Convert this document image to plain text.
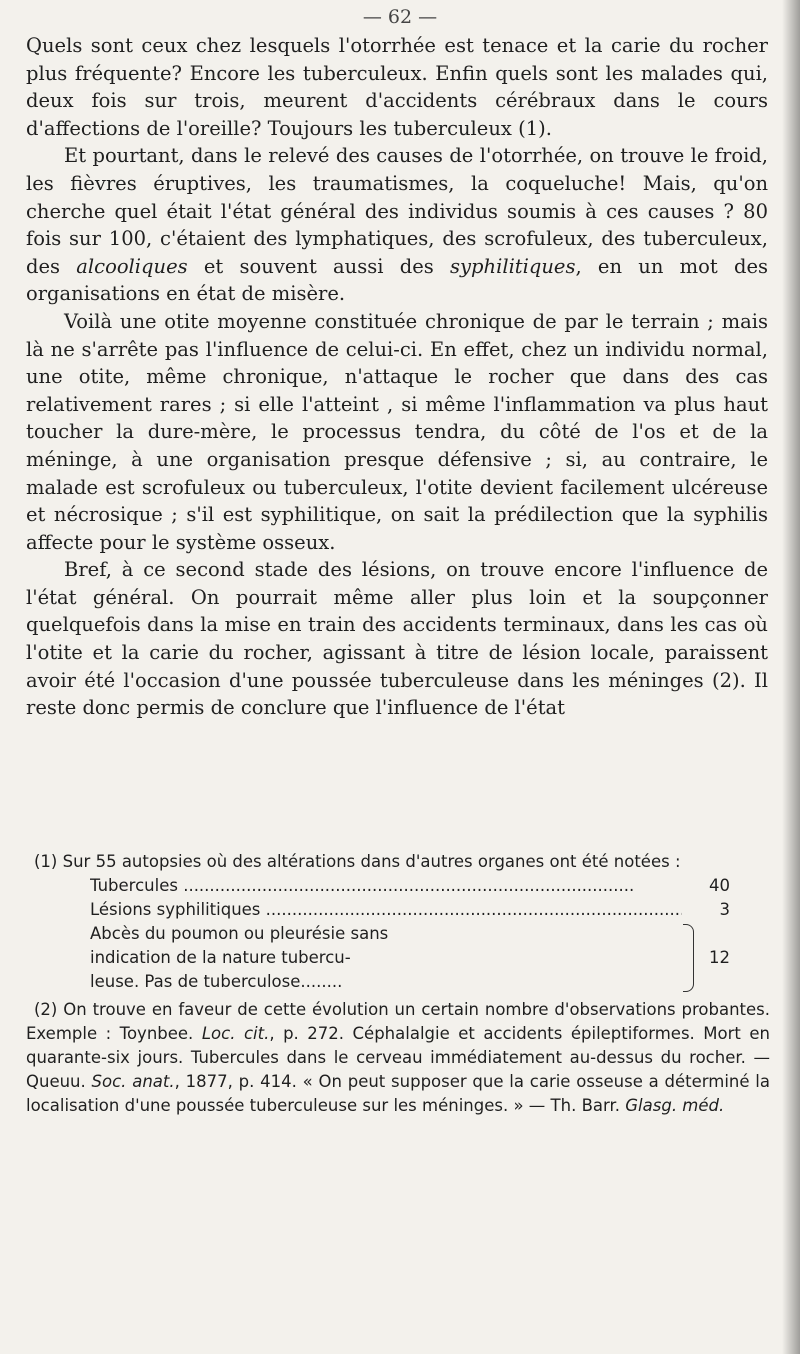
— 62 —

Quels sont ceux chez lesquels l'otorrhée est tenace et la carie du rocher plus fréquente? Encore les tuberculeux. Enfin quels sont les malades qui, deux fois sur trois, meurent d'accidents cérébraux dans le cours d'affections de l'oreille? Toujours les tuberculeux (1).

Et pourtant, dans le relevé des causes de l'otorrhée, on trouve le froid, les fièvres éruptives, les traumatismes, la coqueluche! Mais, qu'on cherche quel était l'état général des individus soumis à ces causes ? 80 fois sur 100, c'étaient des lymphatiques, des scrofuleux, des tuberculeux, des alcooliques et souvent aussi des syphilitiques, en un mot des organisations en état de misère.

Voilà une otite moyenne constituée chronique de par le terrain ; mais là ne s'arrête pas l'influence de celui-ci. En effet, chez un individu normal, une otite, même chronique, n'attaque le rocher que dans des cas relativement rares ; si elle l'atteint , si même l'inflammation va plus haut toucher la dure-mère, le processus tendra, du côté de l'os et de la méninge, à une organisation presque défensive ; si, au contraire, le malade est scrofuleux ou tuberculeux, l'otite devient facilement ulcéreuse et nécrosique ; s'il est syphilitique, on sait la prédilection que la syphilis affecte pour le système osseux.

Bref, à ce second stade des lésions, on trouve encore l'influence de l'état général. On pourrait même aller plus loin et la soupçonner quelquefois dans la mise en train des accidents terminaux, dans les cas où l'otite et la carie du rocher, agissant à titre de lésion locale, paraissent avoir été l'occasion d'une poussée tuberculeuse dans les méninges (2). Il reste donc permis de conclure que l'influence de l'état

(1) Sur 55 autopsies où des altérations dans d'autres organes ont été notées :

Tubercules .....	40
Lésions syphilitiques .....	3
Abcès du poumon ou pleurésie sans
indication de la nature tubercu-
leuse. Pas de tuberculose........
12

(2) On trouve en faveur de cette évolution un certain nombre d'observations probantes. Exemple : Toynbee. Loc. cit., p. 272. Céphalalgie et accidents épileptiformes. Mort en quarante-six jours. Tubercules dans le cerveau immédiatement au-dessus du rocher. — Queuu. Soc. anat., 1877, p. 414. « On peut supposer que la carie osseuse a déterminé la localisation d'une poussée tuberculeuse sur les méninges. » — Th. Barr. Glasg. méd.
